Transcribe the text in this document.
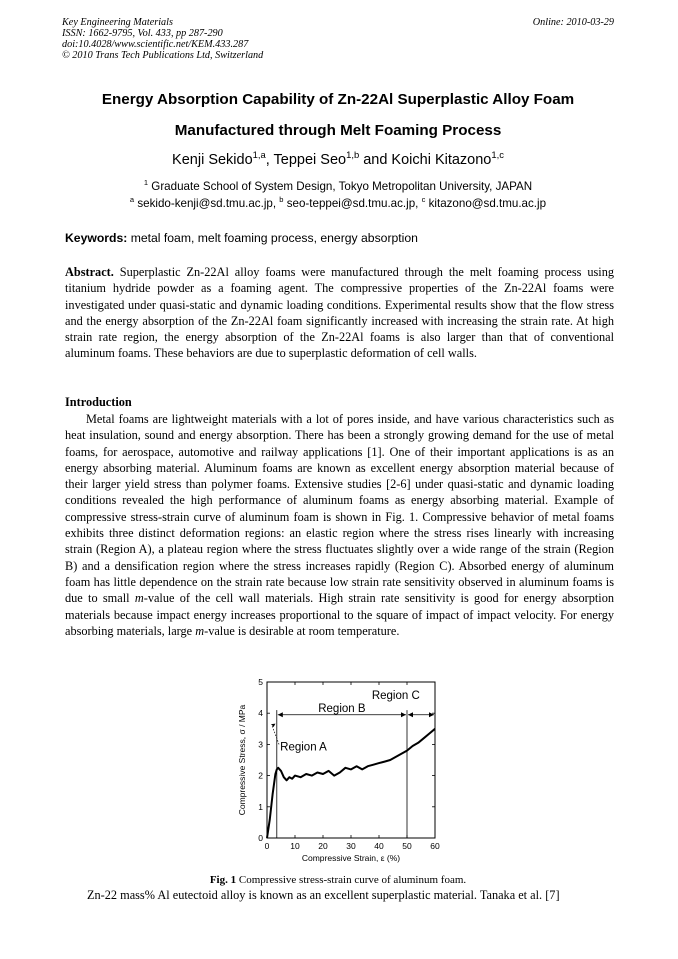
Key Engineering Materials
ISSN: 1662-9795, Vol. 433, pp 287-290
doi:10.4028/www.scientific.net/KEM.433.287
© 2010 Trans Tech Publications Ltd, Switzerland
Online: 2010-03-29
Energy Absorption Capability of Zn-22Al Superplastic Alloy Foam
Manufactured through Melt Foaming Process
Kenji Sekido$^{1,a}$, Teppei Seo$^{1,b}$ and Koichi Kitazono$^{1,c}$
$^1$ Graduate School of System Design, Tokyo Metropolitan University, JAPAN
$^a$ sekido-kenji@sd.tmu.ac.jp, $^b$ seo-teppei@sd.tmu.ac.jp, $^c$ kitazono@sd.tmu.ac.jp
Keywords: metal foam, melt foaming process, energy absorption
Abstract. Superplastic Zn-22Al alloy foams were manufactured through the melt foaming process using titanium hydride powder as a foaming agent. The compressive properties of the Zn-22Al foams were investigated under quasi-static and dynamic loading conditions. Experimental results show that the flow stress and the energy absorption of the Zn-22Al foam significantly increased with increasing the strain rate. At high strain rate region, the energy absorption of the Zn-22Al foams is also larger than that of conventional aluminum foams. These behaviors are due to superplastic deformation of cell walls.
Introduction
Metal foams are lightweight materials with a lot of pores inside, and have various characteristics such as heat insulation, sound and energy absorption. There has been a strongly growing demand for the use of metal foams, for aerospace, automotive and railway applications [1]. One of their important applications is as an energy absorbing material. Aluminum foams are known as excellent energy absorption material because of their larger yield stress than polymer foams. Extensive studies [2-6] under quasi-static and dynamic loading conditions revealed the high performance of aluminum foams as energy absorbing material. Example of compressive stress-strain curve of aluminum foam is shown in Fig. 1. Compressive behavior of metal foams exhibits three distinct deformation regions: an elastic region where the stress rises linearly with increasing strain (Region A), a plateau region where the stress fluctuates slightly over a wide range of the strain (Region B) and a densification region where the stress increases rapidly (Region C). Absorbed energy of aluminum foam has little dependence on the strain rate because low strain rate sensitivity observed in aluminum foams is due to small m-value of the cell wall materials. High strain rate sensitivity is good for energy absorption materials because impact energy increases proportional to the square of impact of impact velocity. For energy absorbing materials, large m-value is desirable at room temperature.
0 10 20 30 40 50 60
0
1
2
3
4
5
Compressive Strain, ε (%)
Compressive Stress, σ / MPa	Region B
Region C
Region A
Fig. 1 Compressive stress-strain curve of aluminum foam.
Zn-22 mass% Al eutectoid alloy is known as an excellent superplastic material. Tanaka et al. [7]
